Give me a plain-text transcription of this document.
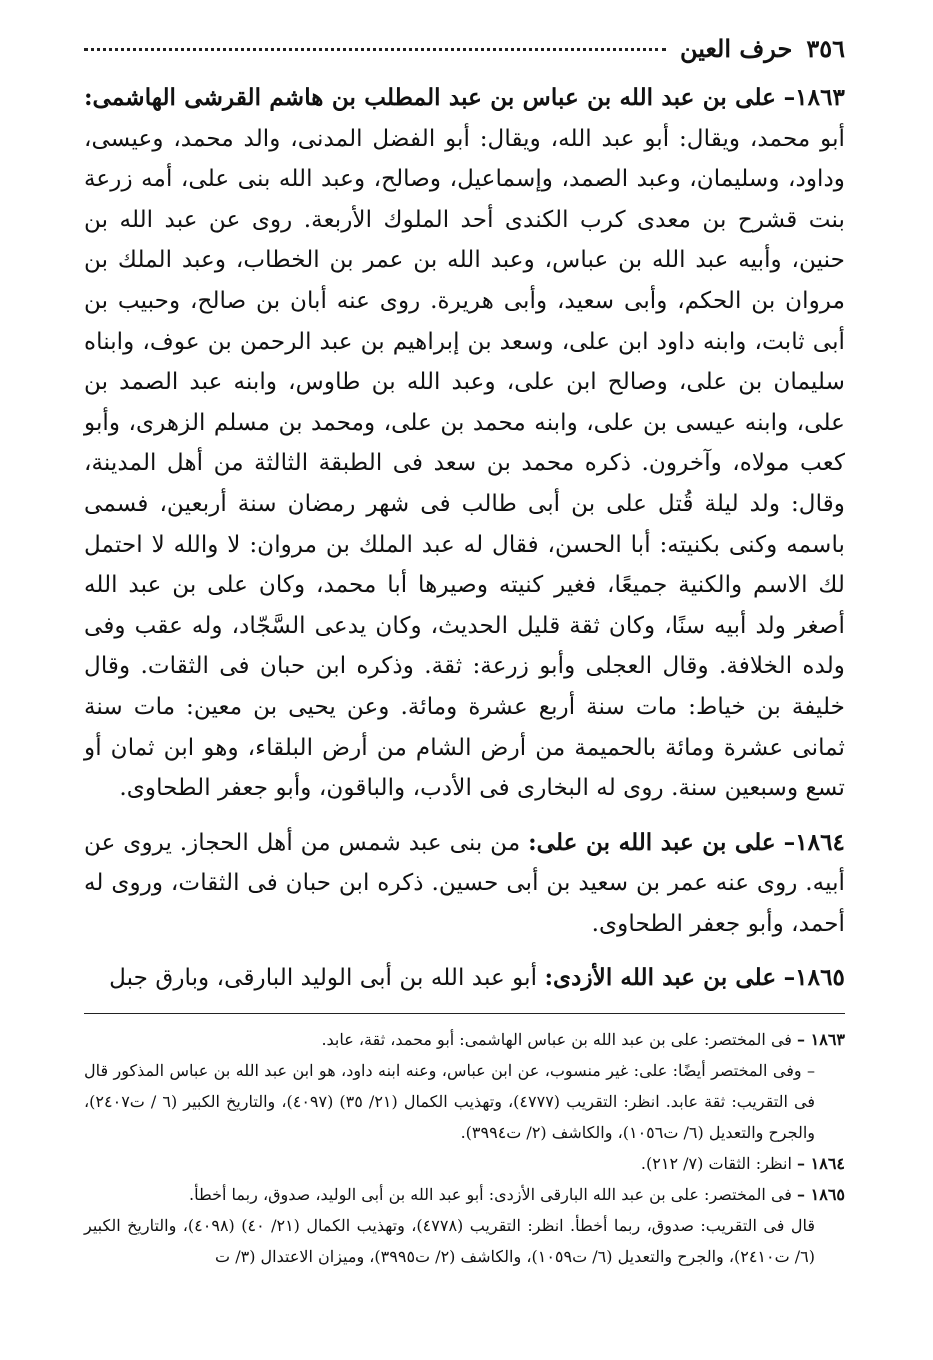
٣٥٦
حرف العين

١٨٦٣– على بن عبد الله بن عباس بن عبد المطلب بن هاشم القرشى الهاشمى: أبو محمد، ويقال: أبو عبد الله، ويقال: أبو الفضل المدنى، والد محمد، وعيسى، وداود، وسليمان، وعبد الصمد، وإسماعيل، وصالح، وعبد الله بنى على، أمه زرعة بنت قشرح بن معدى كرب الكندى أحد الملوك الأربعة. روى عن عبد الله بن حنين، وأبيه عبد الله بن عباس، وعبد الله بن عمر بن الخطاب، وعبد الملك بن مروان بن الحكم، وأبى سعيد، وأبى هريرة. روى عنه أبان بن صالح، وحبيب بن أبى ثابت، وابنه داود ابن على، وسعد بن إبراهيم بن عبد الرحمن بن عوف، وابناه سليمان بن على، وصالح ابن على، وعبد الله بن طاوس، وابنه عبد الصمد بن على، وابنه عيسى بن على، وابنه محمد بن على، ومحمد بن مسلم الزهرى، وأبو كعب مولاه، وآخرون. ذكره محمد بن سعد فى الطبقة الثالثة من أهل المدينة، وقال: ولد ليلة قُتل على بن أبى طالب فى شهر رمضان سنة أربعين، فسمى باسمه وكنى بكنيته: أبا الحسن، فقال له عبد الملك بن مروان: لا والله لا احتمل لك الاسم والكنية جميعًا، فغير كنيته وصيرها أبا محمد، وكان على بن عبد الله أصغر ولد أبيه سنًا، وكان ثقة قليل الحديث، وكان يدعى السَّجّاد، وله عقب وفى ولده الخلافة. وقال العجلى وأبو زرعة: ثقة. وذكره ابن حبان فى الثقات. وقال خليفة بن خياط: مات سنة أربع عشرة ومائة. وعن يحيى بن معين: مات سنة ثمانى عشرة ومائة بالحميمة من أرض الشام من أرض البلقاء، وهو ابن ثمان أو تسع وسبعين سنة. روى له البخارى فى الأدب، والباقون، وأبو جعفر الطحاوى.

١٨٦٤– على بن عبد الله بن على: من بنى عبد شمس من أهل الحجاز. يروى عن أبيه. روى عنه عمر بن سعيد بن أبى حسين. ذكره ابن حبان فى الثقات، وروى له أحمد، وأبو جعفر الطحاوى.

١٨٦٥– على بن عبد الله الأزدى: أبو عبد الله بن أبى الوليد البارقى، وبارق جبل

١٨٦٣ – فى المختصر: على بن عبد الله بن عباس الهاشمى: أبو محمد، ثقة، عابد.

– وفى المختصر أيضًا: على: غير منسوب، عن ابن عباس، وعنه ابنه داود، هو ابن عبد الله بن عباس المذكور قال فى التقريب: ثقة عابد. انظر: التقريب (٤٧٧٧)، وتهذيب الكمال (٢١/ ٣٥) (٤٠٩٧)، والتاريخ الكبير (٦ / ت٢٤٠٧)، والجرح والتعديل (٦/ ت١٠٥٦)، والكاشف (٢/ ت٣٩٩٤).

١٨٦٤ – انظر: الثقات (٧/ ٢١٢).

١٨٦٥ – فى المختصر: على بن عبد الله البارقى الأزدى: أبو عبد الله بن أبى الوليد، صدوق، ربما أخطأ.

قال فى التقريب: صدوق، ربما أخطأ. انظر: التقريب (٤٧٧٨)، وتهذيب الكمال (٢١/ ٤٠) (٤٠٩٨)، والتاريخ الكبير (٦/ ت٢٤١٠)، والجرح والتعديل (٦/ ت١٠٥٩)، والكاشف (٢/ ت٣٩٩٥)، وميزان الاعتدال (٣/ ت
